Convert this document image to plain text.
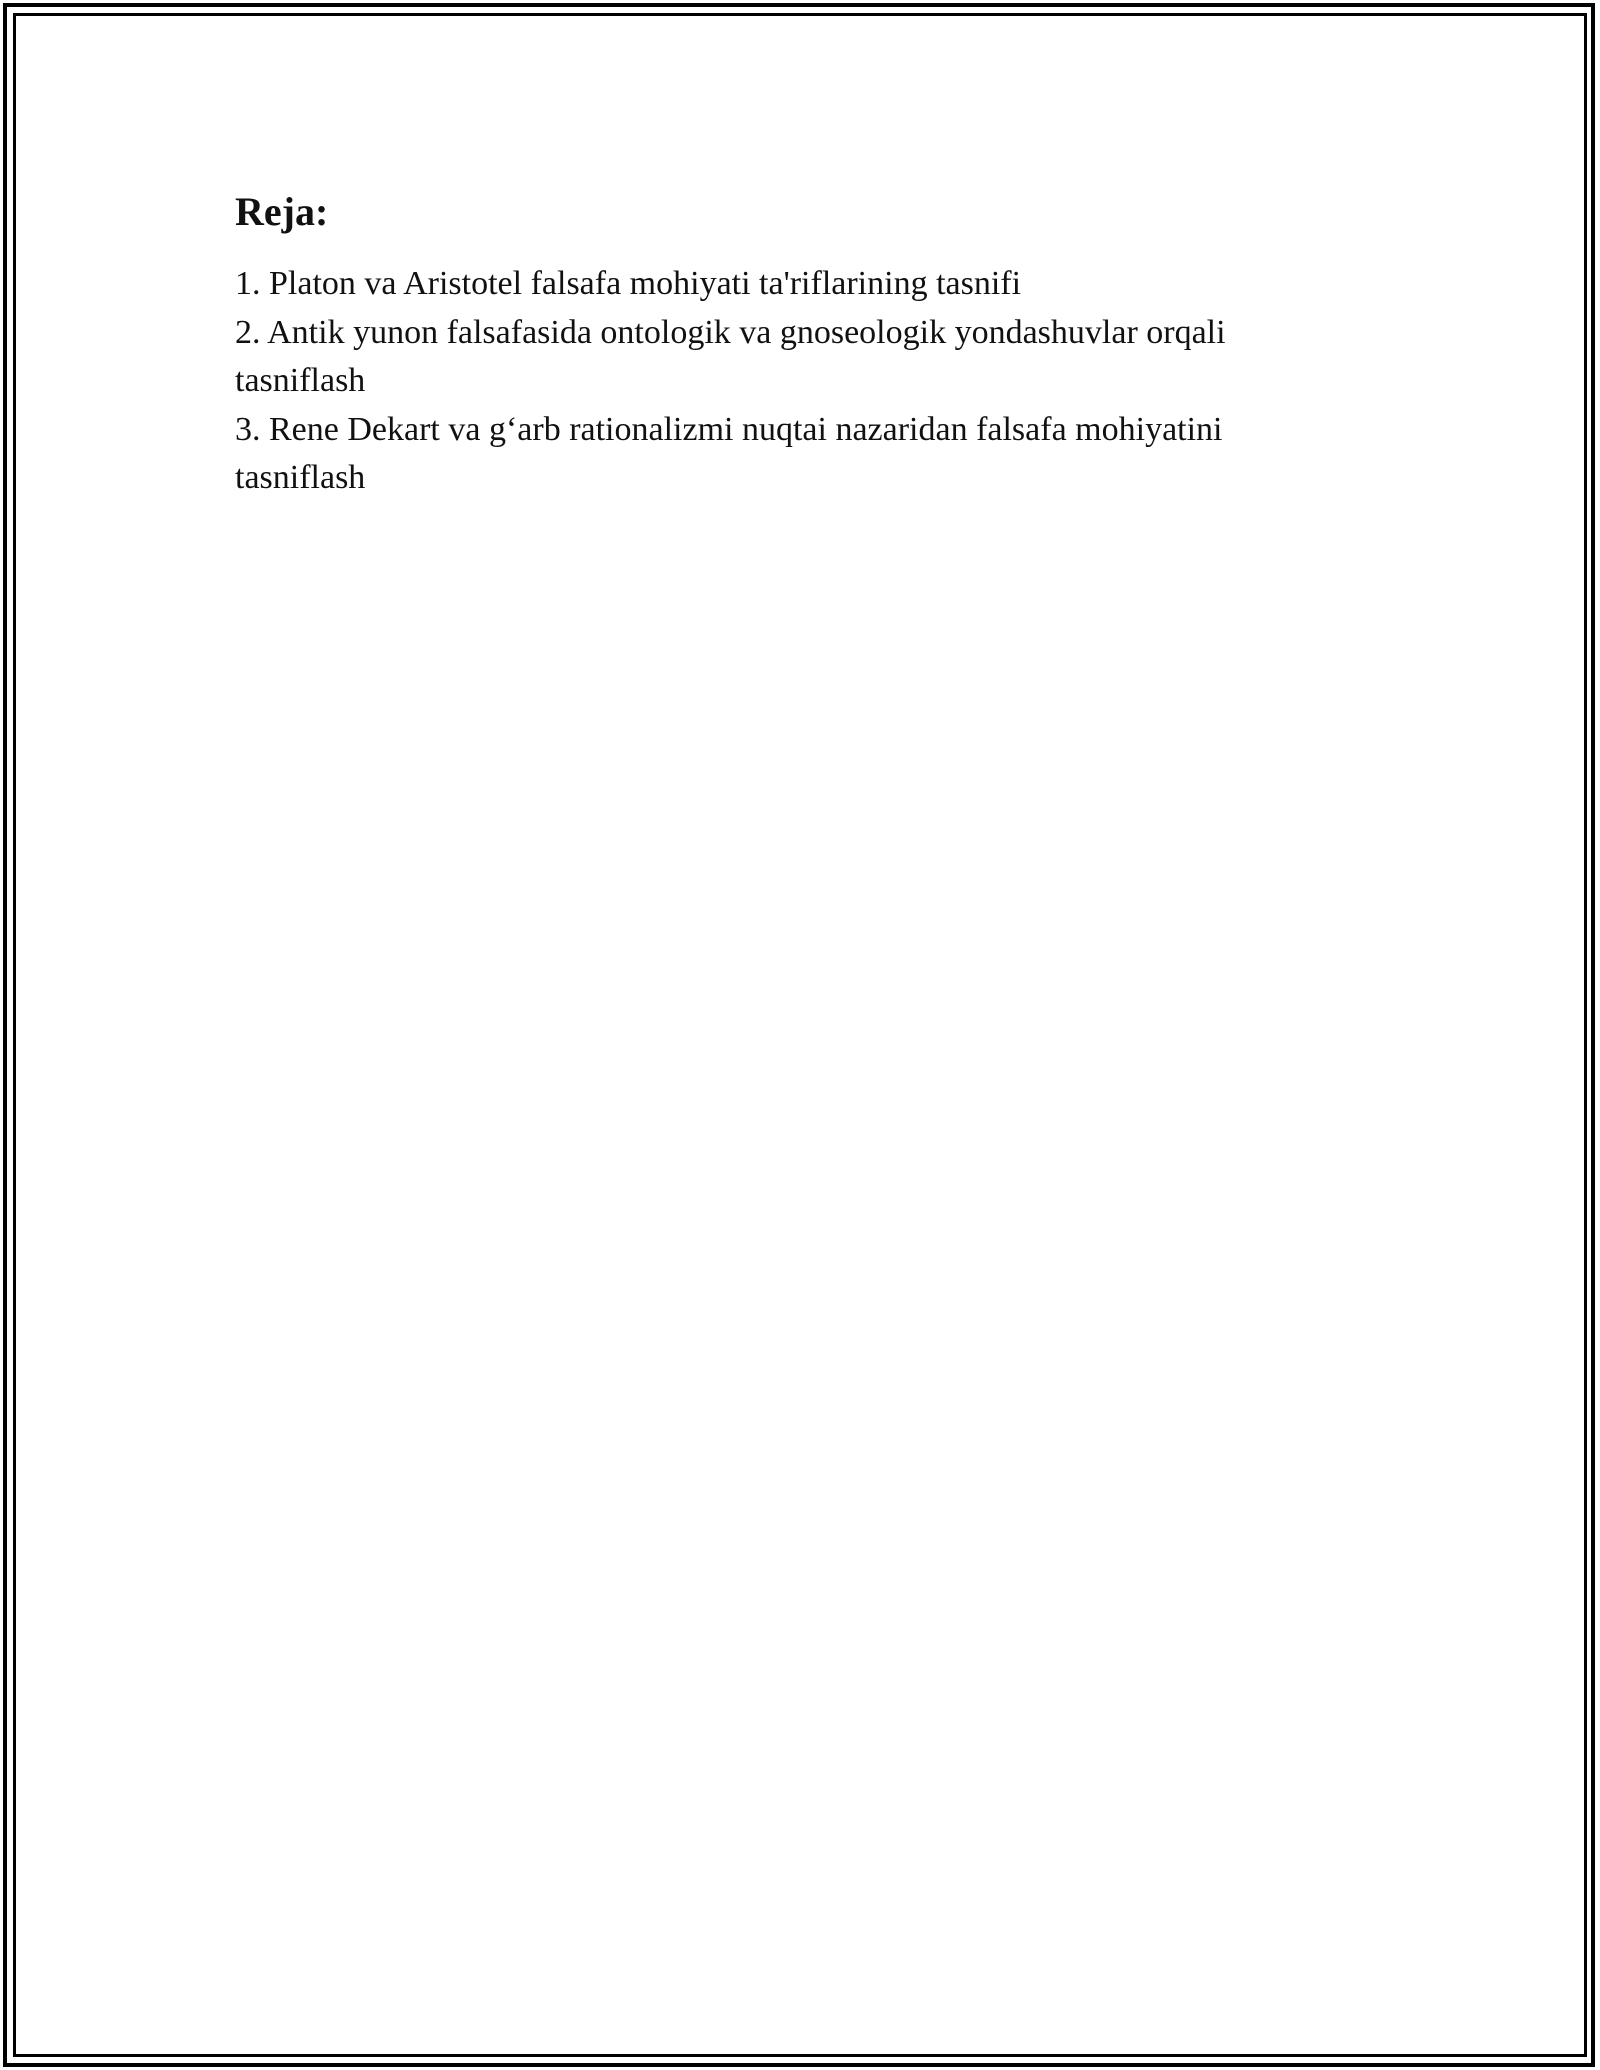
Reja:
1. Platon va Aristotel falsafa mohiyati ta'riflarining tasnifi
2. Antik yunon falsafasida ontologik va gnoseologik yondashuvlar orqali tasniflash
3. Rene Dekart va g‘arb rationalizmi nuqtai nazaridan falsafa mohiyatini tasniflash
